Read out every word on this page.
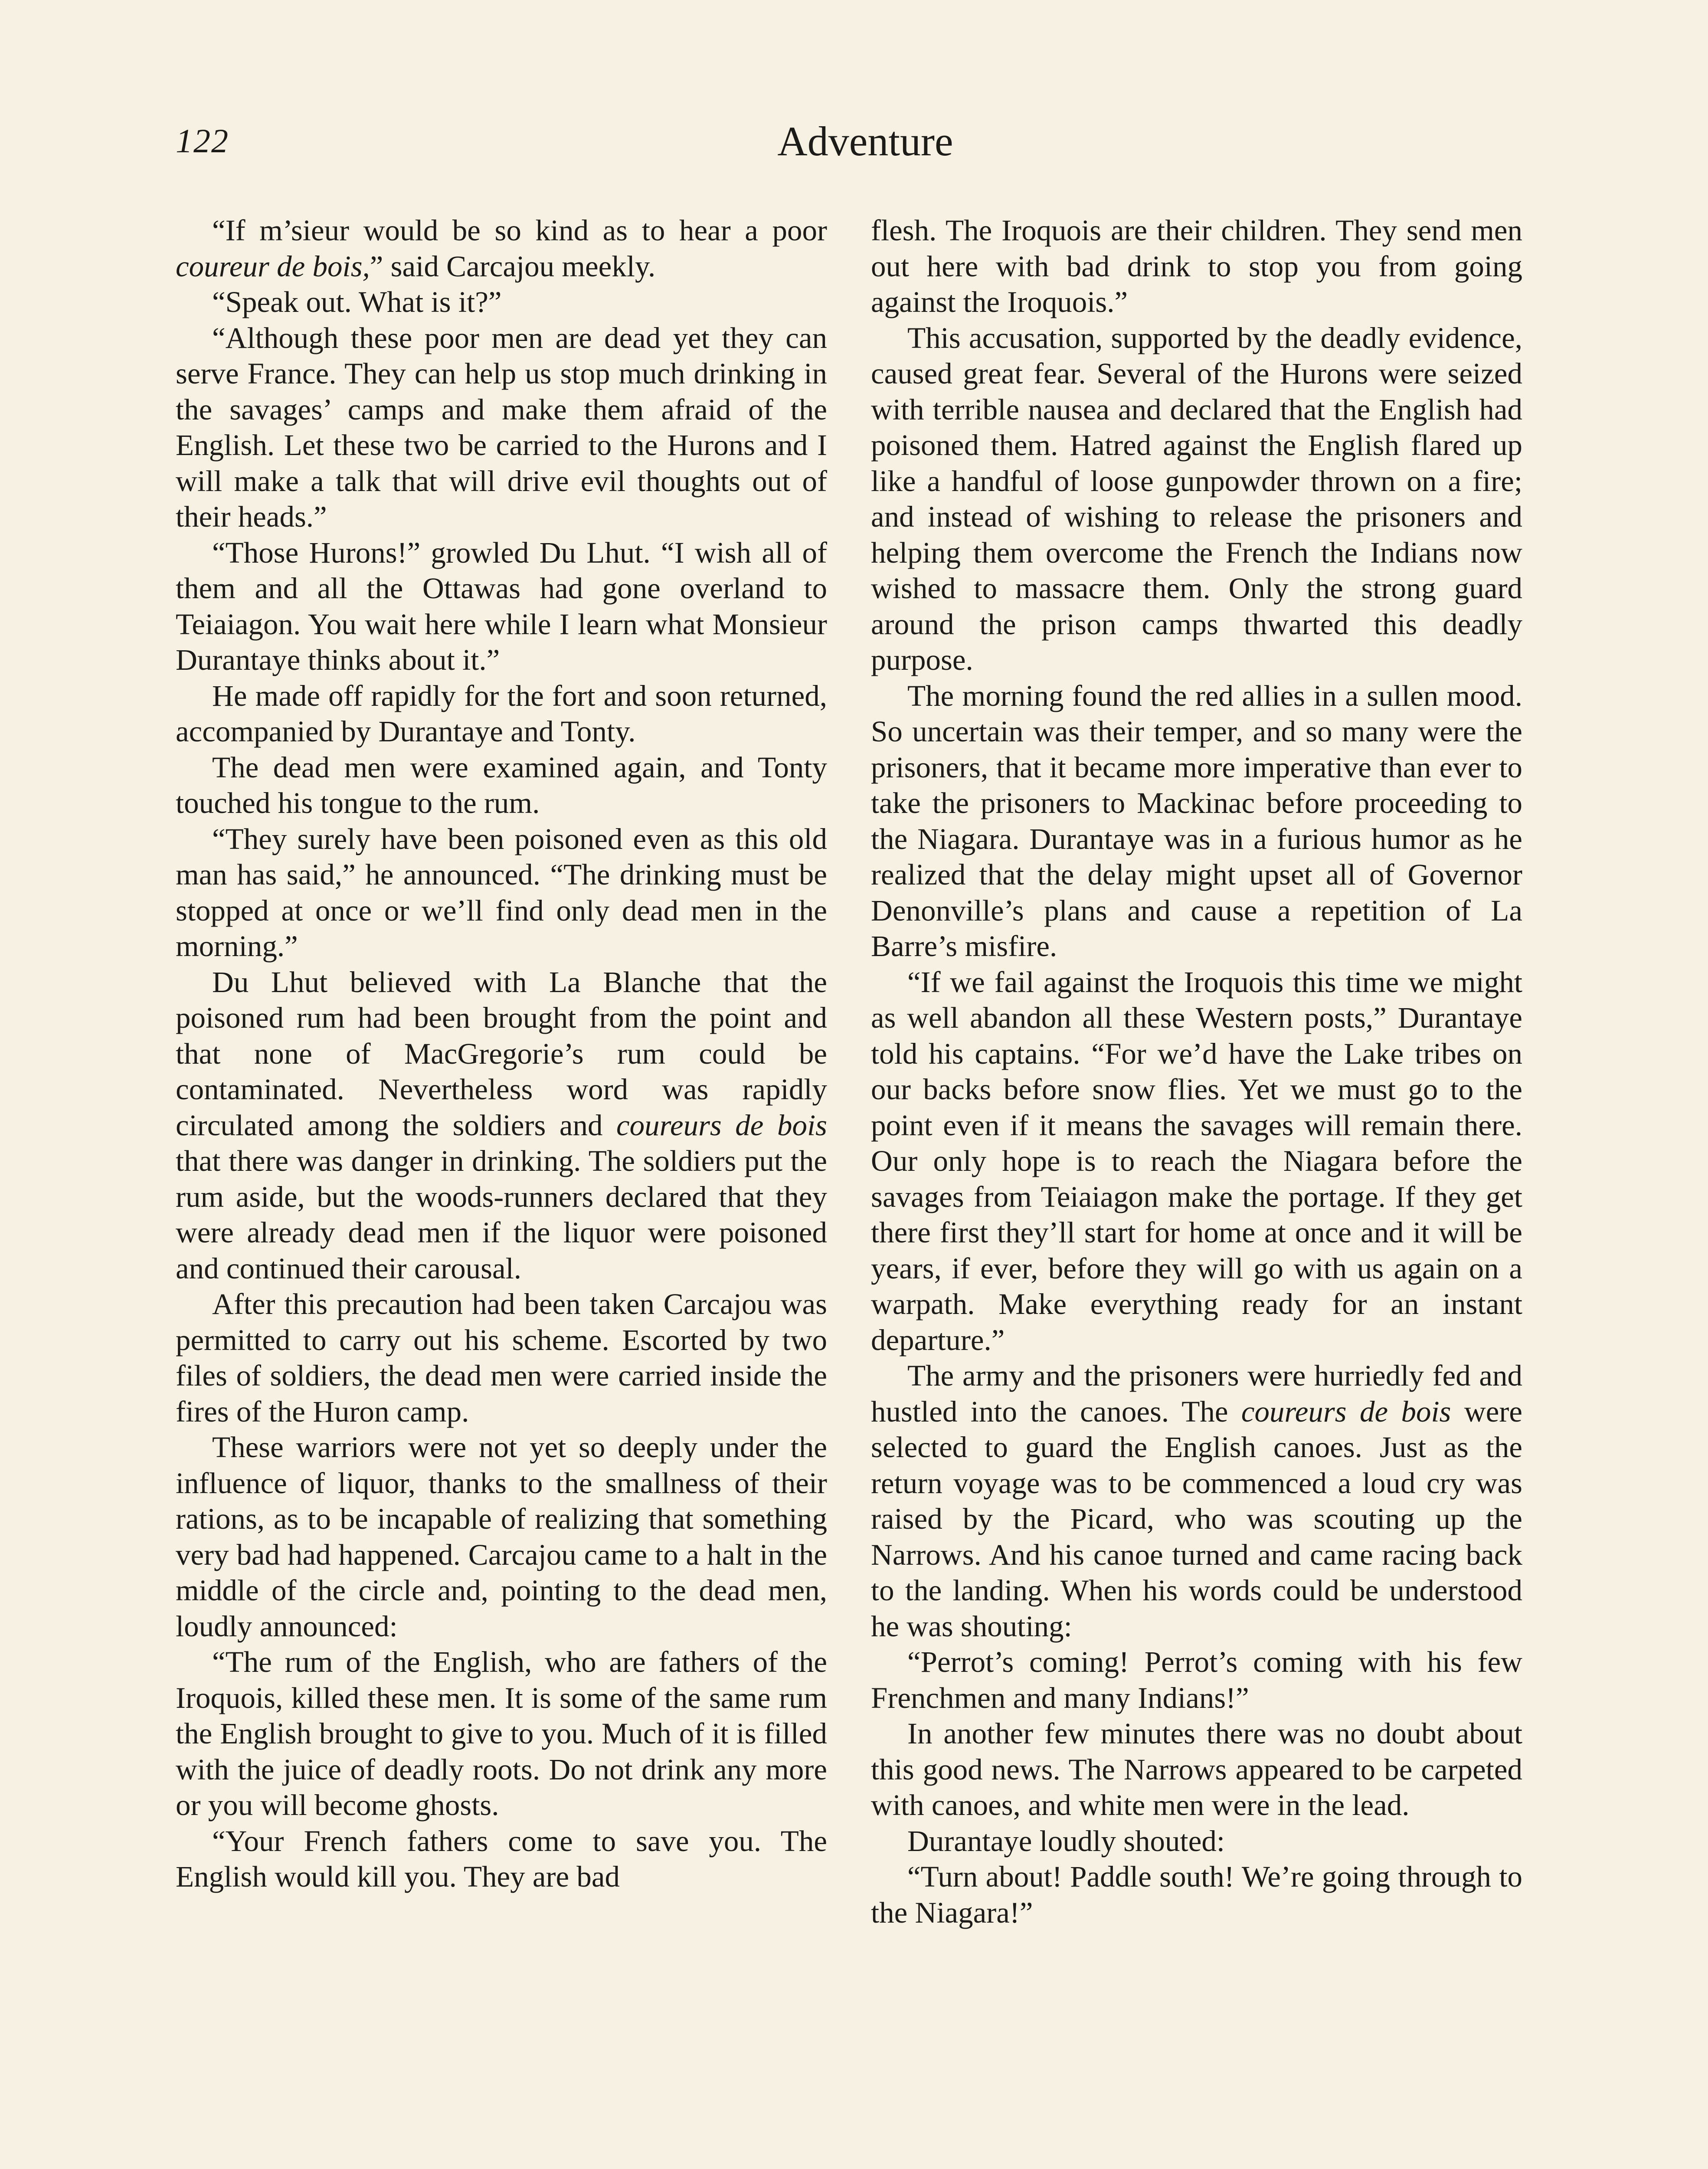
122	Adventure

“If m’sieur would be so kind as to hear a poor coureur de bois,” said Carcajou meekly.

“Speak out. What is it?”

“Although these poor men are dead yet they can serve France. They can help us stop much drinking in the savages’ camps and make them afraid of the English. Let these two be carried to the Hurons and I will make a talk that will drive evil thoughts out of their heads.”

“Those Hurons!” growled Du Lhut. “I wish all of them and all the Ottawas had gone overland to Teiaiagon. You wait here while I learn what Monsieur Durantaye thinks about it.”

He made off rapidly for the fort and soon returned, accompanied by Durantaye and Tonty.

The dead men were examined again, and Tonty touched his tongue to the rum.

“They surely have been poisoned even as this old man has said,” he announced. “The drinking must be stopped at once or we’ll find only dead men in the morning.”

Du Lhut believed with La Blanche that the poisoned rum had been brought from the point and that none of MacGregorie’s rum could be contaminated. Nevertheless word was rapidly circulated among the soldiers and coureurs de bois that there was danger in drinking. The soldiers put the rum aside, but the woods-runners declared that they were already dead men if the liquor were poisoned and continued their carousal.

After this precaution had been taken Carcajou was permitted to carry out his scheme. Escorted by two files of soldiers, the dead men were carried inside the fires of the Huron camp.

These warriors were not yet so deeply under the influence of liquor, thanks to the smallness of their rations, as to be incapable of realizing that something very bad had happened. Carcajou came to a halt in the middle of the circle and, pointing to the dead men, loudly announced:

“The rum of the English, who are fathers of the Iroquois, killed these men. It is some of the same rum the English brought to give to you. Much of it is filled with the juice of deadly roots. Do not drink any more or you will become ghosts.

“Your French fathers come to save you. The English would kill you. They are bad

flesh. The Iroquois are their children. They send men out here with bad drink to stop you from going against the Iroquois.”

This accusation, supported by the deadly evidence, caused great fear. Several of the Hurons were seized with terrible nausea and declared that the English had poisoned them. Hatred against the English flared up like a handful of loose gunpowder thrown on a fire; and instead of wishing to release the prisoners and helping them overcome the French the Indians now wished to massacre them. Only the strong guard around the prison camps thwarted this deadly purpose.

The morning found the red allies in a sullen mood. So uncertain was their temper, and so many were the prisoners, that it became more imperative than ever to take the prisoners to Mackinac before proceeding to the Niagara. Durantaye was in a furious humor as he realized that the delay might upset all of Governor Denonville’s plans and cause a repetition of La Barre’s misfire.

“If we fail against the Iroquois this time we might as well abandon all these Western posts,” Durantaye told his captains. “For we’d have the Lake tribes on our backs before snow flies. Yet we must go to the point even if it means the savages will remain there. Our only hope is to reach the Niagara before the savages from Teiaiagon make the portage. If they get there first they’ll start for home at once and it will be years, if ever, before they will go with us again on a warpath. Make everything ready for an instant departure.”

The army and the prisoners were hurriedly fed and hustled into the canoes. The coureurs de bois were selected to guard the English canoes. Just as the return voyage was to be commenced a loud cry was raised by the Picard, who was scouting up the Narrows. And his canoe turned and came racing back to the landing. When his words could be understood he was shouting:

“Perrot’s coming! Perrot’s coming with his few Frenchmen and many Indians!”

In another few minutes there was no doubt about this good news. The Narrows appeared to be carpeted with canoes, and white men were in the lead.

Durantaye loudly shouted:

“Turn about! Paddle south! We’re going through to the Niagara!”
